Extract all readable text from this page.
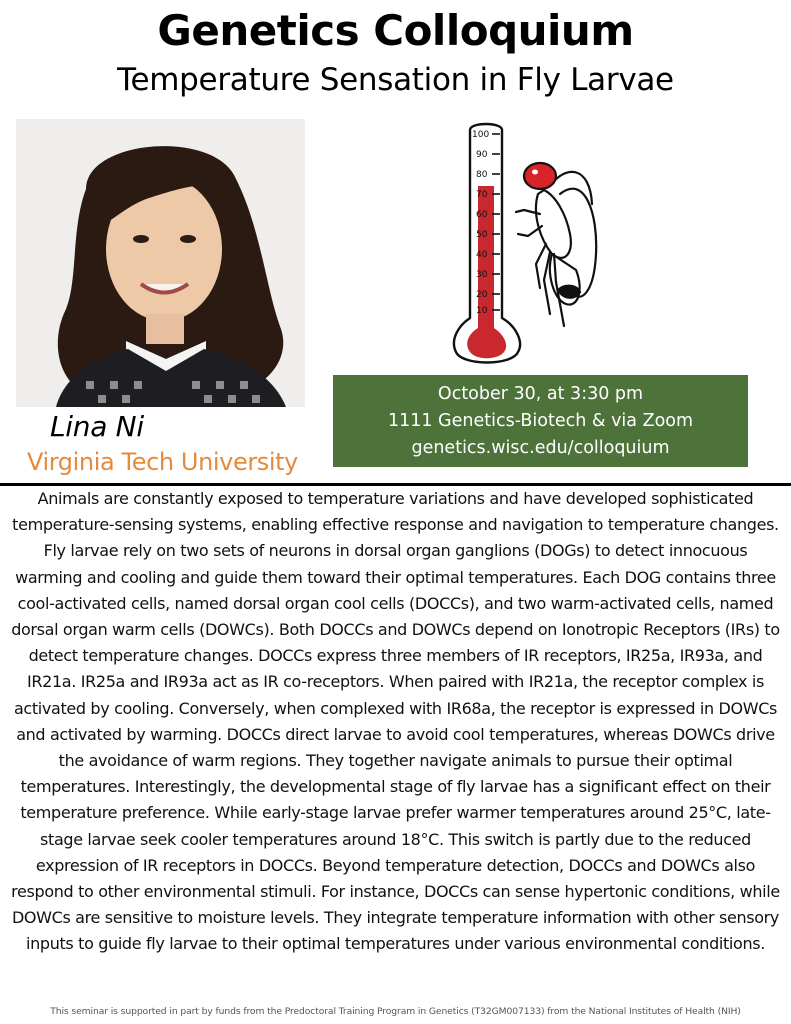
Genetics Colloquium
Temperature Sensation in Fly Larvae
Lina Ni
Virginia Tech University
100
90
80
70
60
50
40
30
20
10
October 30, at 3:30 pm
1111 Genetics-Biotech & via Zoom
genetics.wisc.edu/colloquium

Animals are constantly exposed to temperature variations and have developed sophisticated temperature-sensing systems, enabling effective response and navigation to temperature changes. Fly larvae rely on two sets of neurons in dorsal organ ganglions (DOGs) to detect innocuous warming and cooling and guide them toward their optimal temperatures. Each DOG contains three cool-activated cells, named dorsal organ cool cells (DOCCs), and two warm-activated cells, named dorsal organ warm cells (DOWCs). Both DOCCs and DOWCs depend on Ionotropic Receptors (IRs) to detect temperature changes. DOCCs express three members of IR receptors, IR25a, IR93a, and IR21a. IR25a and IR93a act as IR co-receptors. When paired with IR21a, the receptor complex is activated by cooling. Conversely, when complexed with IR68a, the receptor is expressed in DOWCs and activated by warming. DOCCs direct larvae to avoid cool temperatures, whereas DOWCs drive the avoidance of warm regions. They together navigate animals to pursue their optimal temperatures. Interestingly, the developmental stage of fly larvae has a significant effect on their temperature preference. While early-stage larvae prefer warmer temperatures around 25°C, late-stage larvae seek cooler temperatures around 18°C. This switch is partly due to the reduced expression of IR receptors in DOCCs. Beyond temperature detection, DOCCs and DOWCs also respond to other environmental stimuli. For instance, DOCCs can sense hypertonic conditions, while DOWCs are sensitive to moisture levels. They integrate temperature information with other sensory inputs to guide fly larvae to their optimal temperatures under various environmental conditions.

This seminar is supported in part by funds from the Predoctoral Training Program in Genetics (T32GM007133) from the National Institutes of Health (NIH)
